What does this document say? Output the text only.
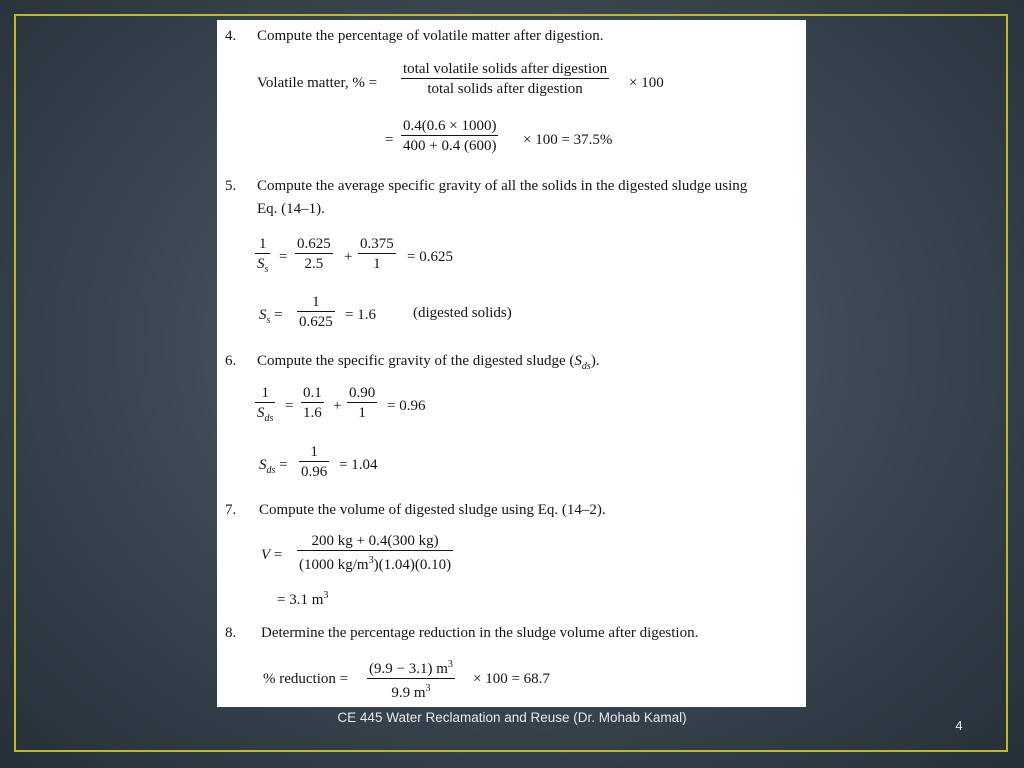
4. Compute the percentage of volatile matter after digestion.
Volatile matter, % =
total volatile solids after digestion
total solids after digestion	× 100
= $\frac{0.4(0.6 \times 1000)}{400 + 0.4 (600)} \times 100 = 37.5\%$
5. Compute the average specific gravity of all the solids in the digested sludge using
Eq. (14–1).
$\frac{1}{S_s} = \frac{0.625}{2.5} + \frac{0.375}{1} = 0.625$
$S_s = \frac{1}{0.625} = 1.6$ (digested solids)
6. Compute the specific gravity of the digested sludge $(S_{ds})$.
1
$S_{ds}$
= $\frac{0.1}{1.6} + \frac{0.90}{1} = 0.96$
$S_{ds} = \frac{1}{0.96} = 1.04$
7. Compute the volume of digested sludge using Eq. (14–2).
$V = \frac{200 kg + 0.4(300 kg)}{(1000 kg/m^3)(1.04)(0.10)}$
= 3.1 $m^3$
8. Determine the percentage reduction in the sludge volume after digestion.
% reduction = $\frac{(9.9 - 3.1) m^3}{9.9 m^3} \times 100 = 68.7$
CE 445 Water Reclamation and Reuse (Dr. Mohab Kamal)
4
